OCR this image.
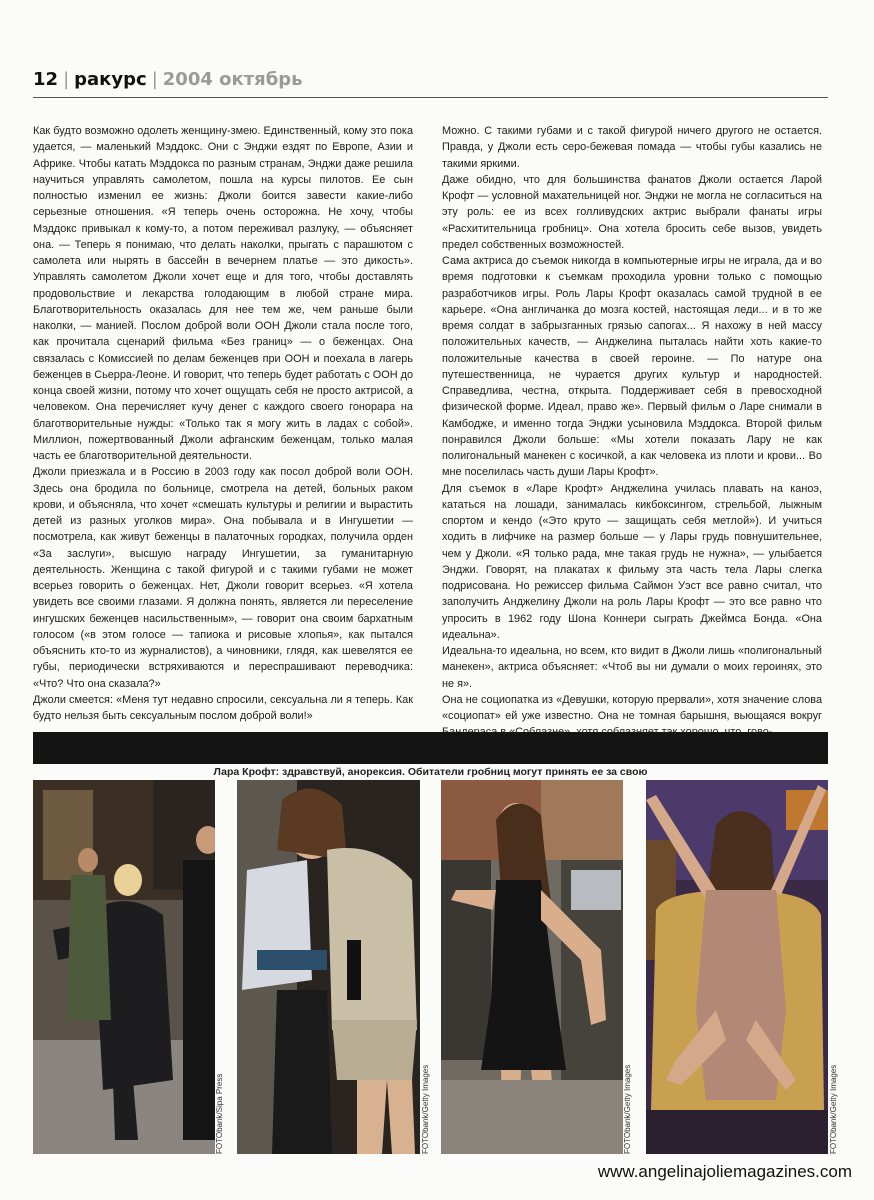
12 | ракурс | 2004 октябрь

Как будто возможно одолеть женщину-змею. Единственный, кому это пока удается, — маленький Мэддокс. Они с Энджи ездят по Европе, Азии и Африке. Чтобы катать Мэддокса по разным странам, Энджи даже решила научиться управлять самолетом, пошла на курсы пилотов. Ее сын полностью изменил ее жизнь: Джоли боится завести какие-либо серьезные отношения. «Я теперь очень осторожна. Не хочу, чтобы Мэддокс привыкал к кому-то, а потом переживал разлуку, — объясняет она. — Теперь я понимаю, что делать наколки, прыгать с парашютом с самолета или нырять в бассейн в вечернем платье — это дикость». Управлять самолетом Джоли хочет еще и для того, чтобы доставлять продовольствие и лекарства голодающим в любой стране мира. Благотворительность оказалась для нее тем же, чем раньше были наколки, — манией. Послом доброй воли ООН Джоли стала после того, как прочитала сценарий фильма «Без границ» — о беженцах. Она связалась с Комиссией по делам беженцев при ООН и поехала в лагерь беженцев в Сьерра-Леоне. И говорит, что теперь будет работать с ООН до конца своей жизни, потому что хочет ощущать себя не просто актрисой, а человеком. Она перечисляет кучу денег с каждого своего гонорара на благотворительные нужды: «Только так я могу жить в ладах с собой». Миллион, пожертвованный Джоли афганским беженцам, только малая часть ее благотворительной деятельности.

Джоли приезжала и в Россию в 2003 году как посол доброй воли ООН. Здесь она бродила по больнице, смотрела на детей, больных раком крови, и объясняла, что хочет «смешать культуры и религии и вырастить детей из разных уголков мира». Она побывала и в Ингушетии — посмотрела, как живут беженцы в палаточных городках, получила орден «За заслуги», высшую награду Ингушетии, за гуманитарную деятельность. Женщина с такой фигурой и с такими губами не может всерьез говорить о беженцах. Нет, Джоли говорит всерьез. «Я хотела увидеть все своими глазами. Я должна понять, является ли переселение ингушских беженцев насильственным», — говорит она своим бархатным голосом («в этом голосе — тапиока и рисовые хлопья», как пытался объяснить кто-то из журналистов), а чиновники, глядя, как шевелятся ее губы, периодически встряхиваются и переспрашивают переводчика: «Что? Что она сказала?»

Джоли смеется: «Меня тут недавно спросили, сексуальна ли я теперь. Как будто нельзя быть сексуальным послом доброй воли!»

Можно. С такими губами и с такой фигурой ничего другого не остается. Правда, у Джоли есть серо-бежевая помада — чтобы губы казались не такими яркими.

Даже обидно, что для большинства фанатов Джоли остается Ларой Крофт — условной махательницей ног. Энджи не могла не согласиться на эту роль: ее из всех голливудских актрис выбрали фанаты игры «Расхитительница гробниц». Она хотела бросить себе вызов, увидеть предел собственных возможностей.

Сама актриса до съемок никогда в компьютерные игры не играла, да и во время подготовки к съемкам проходила уровни только с помощью разработчиков игры. Роль Лары Крофт оказалась самой трудной в ее карьере. «Она англичанка до мозга костей, настоящая леди... и в то же время солдат в забрызганных грязью сапогах... Я нахожу в ней массу положительных качеств, — Анджелина пыталась найти хоть какие-то положительные качества в своей героине. — По натуре она путешественница, не чурается других культур и народностей. Справедлива, честна, открыта. Поддерживает себя в превосходной физической форме. Идеал, право же». Первый фильм о Ларе снимали в Камбодже, и именно тогда Энджи усыновила Мэддокса. Второй фильм понравился Джоли больше: «Мы хотели показать Лару не как полигональный манекен с косичкой, а как человека из плоти и крови... Во мне поселилась часть души Лары Крофт».

Для съемок в «Ларе Крофт» Анджелина училась плавать на каноэ, кататься на лошади, занималась кикбоксингом, стрельбой, лыжным спортом и кендо («Это круто — защищать себя метлой»). И учиться ходить в лифчике на размер больше — у Лары грудь повнушительнее, чем у Джоли. «Я только рада, мне такая грудь не нужна», — улыбается Энджи. Говорят, на плакатах к фильму эта часть тела Лары слегка подрисована. Но режиссер фильма Саймон Уэст все равно считал, что заполучить Анджелину Джоли на роль Лары Крофт — это все равно что упросить в 1962 году Шона Коннери сыграть Джеймса Бонда. «Она идеальна».

Идеальна-то идеальна, но всем, кто видит в Джоли лишь «полигональный манекен», актриса объясняет: «Чтоб вы ни думали о моих героинях, это не я».

Она не социопатка из «Девушки, которую прервали», хотя значение слова «социопат» ей уже известно. Она не томная барышня, вьющаяся вокруг

Лара Крофт: здравствуй, анорексия. Обитатели гробниц могут принять ее за свою
FOTObank/Sipa Press	FOTObank/Getty Images	FOTObank/Getty Images	FOTObank/Getty Images
www.angelinajoliemagazines.com
